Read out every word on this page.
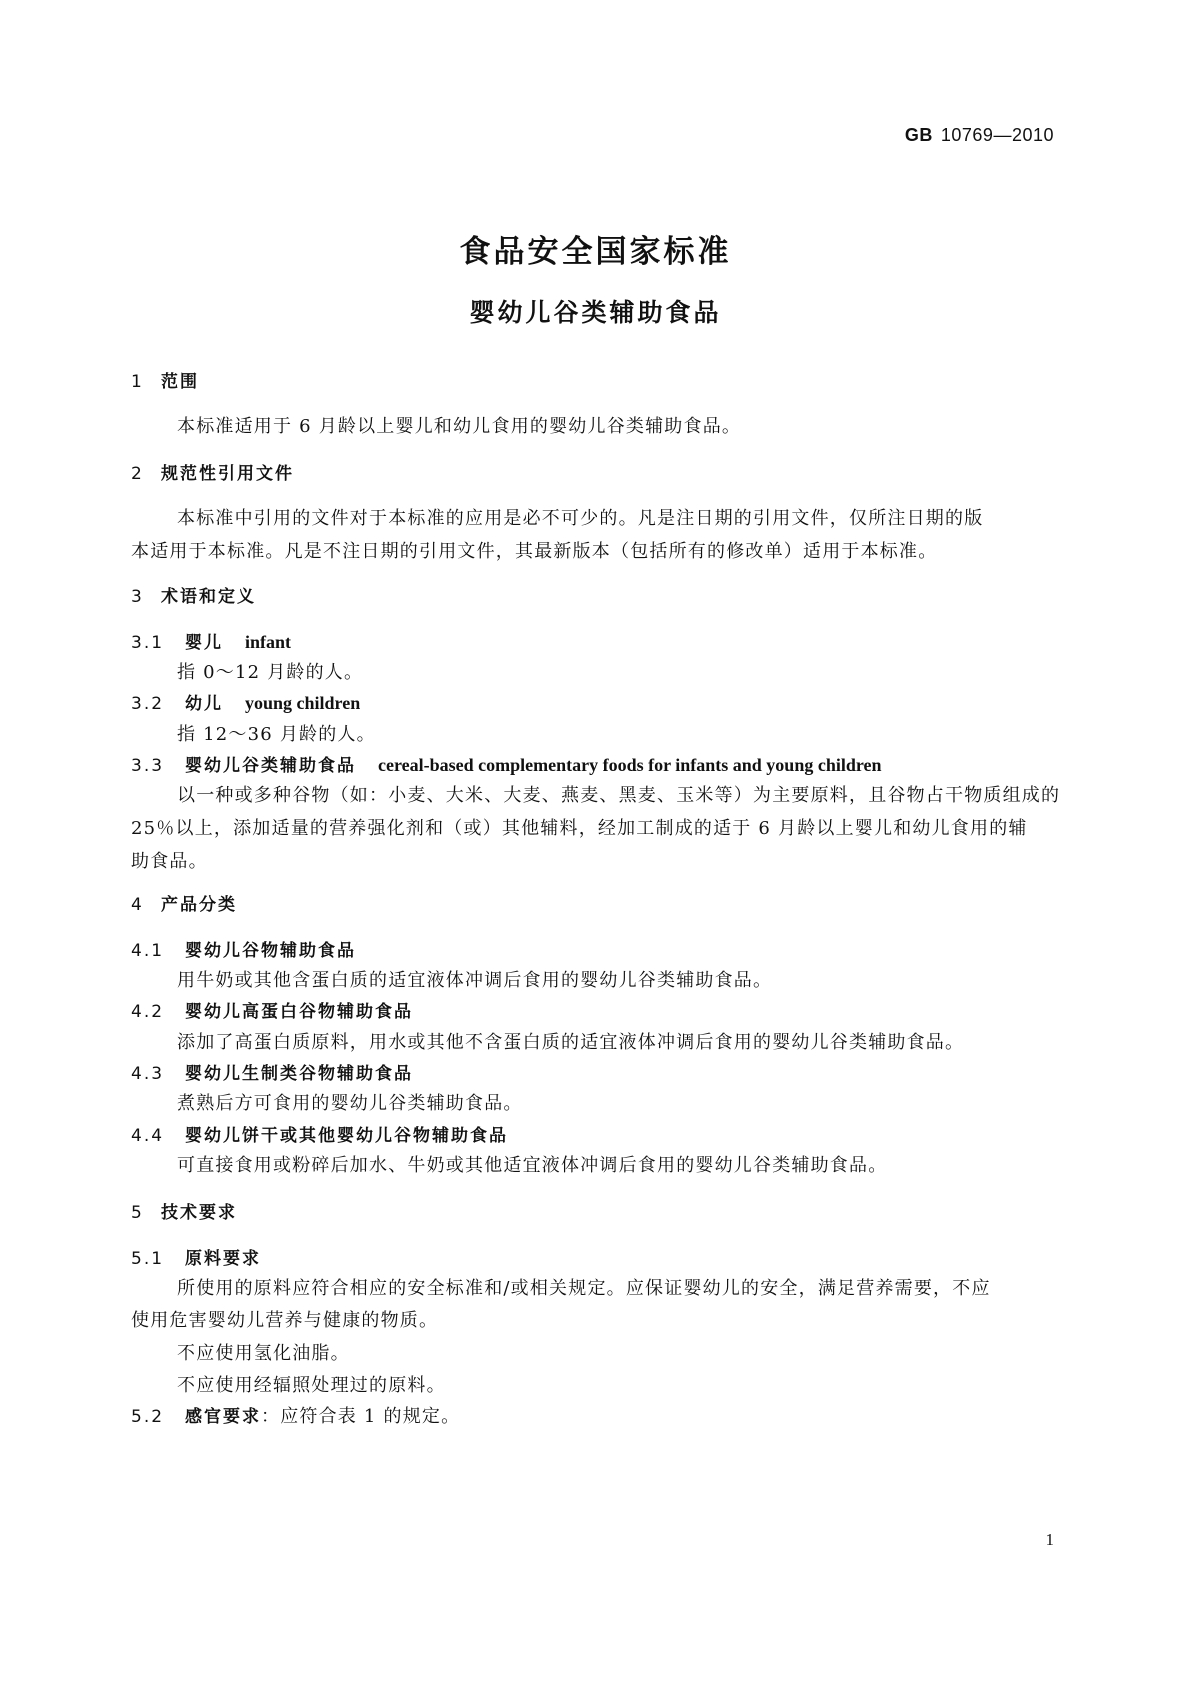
GB 10769—2010
食品安全国家标准
婴幼儿谷类辅助食品
1 范围
本标准适用于 6 月龄以上婴儿和幼儿食用的婴幼儿谷类辅助食品。
2 规范性引用文件
本标准中引用的文件对于本标准的应用是必不可少的。凡是注日期的引用文件，仅所注日期的版
本适用于本标准。凡是不注日期的引用文件，其最新版本（包括所有的修改单）适用于本标准。
3 术语和定义
3.1 婴儿 infant
指 0～12 月龄的人。
3.2 幼儿 young children
指 12～36 月龄的人。
3.3 婴幼儿谷类辅助食品 cereal-based complementary foods for infants and young children
以一种或多种谷物（如：小麦、大米、大麦、燕麦、黑麦、玉米等）为主要原料，且谷物占干物质组成的
25％以上，添加适量的营养强化剂和（或）其他辅料，经加工制成的适于 6 月龄以上婴儿和幼儿食用的辅
助食品。
4 产品分类
4.1 婴幼儿谷物辅助食品
用牛奶或其他含蛋白质的适宜液体冲调后食用的婴幼儿谷类辅助食品。
4.2 婴幼儿高蛋白谷物辅助食品
添加了高蛋白质原料，用水或其他不含蛋白质的适宜液体冲调后食用的婴幼儿谷类辅助食品。
4.3 婴幼儿生制类谷物辅助食品
煮熟后方可食用的婴幼儿谷类辅助食品。
4.4 婴幼儿饼干或其他婴幼儿谷物辅助食品
可直接食用或粉碎后加水、牛奶或其他适宜液体冲调后食用的婴幼儿谷类辅助食品。
5 技术要求
5.1 原料要求
所使用的原料应符合相应的安全标准和/或相关规定。应保证婴幼儿的安全，满足营养需要，不应
使用危害婴幼儿营养与健康的物质。
不应使用氢化油脂。
不应使用经辐照处理过的原料。
5.2 感官要求：应符合表 1 的规定。
1
